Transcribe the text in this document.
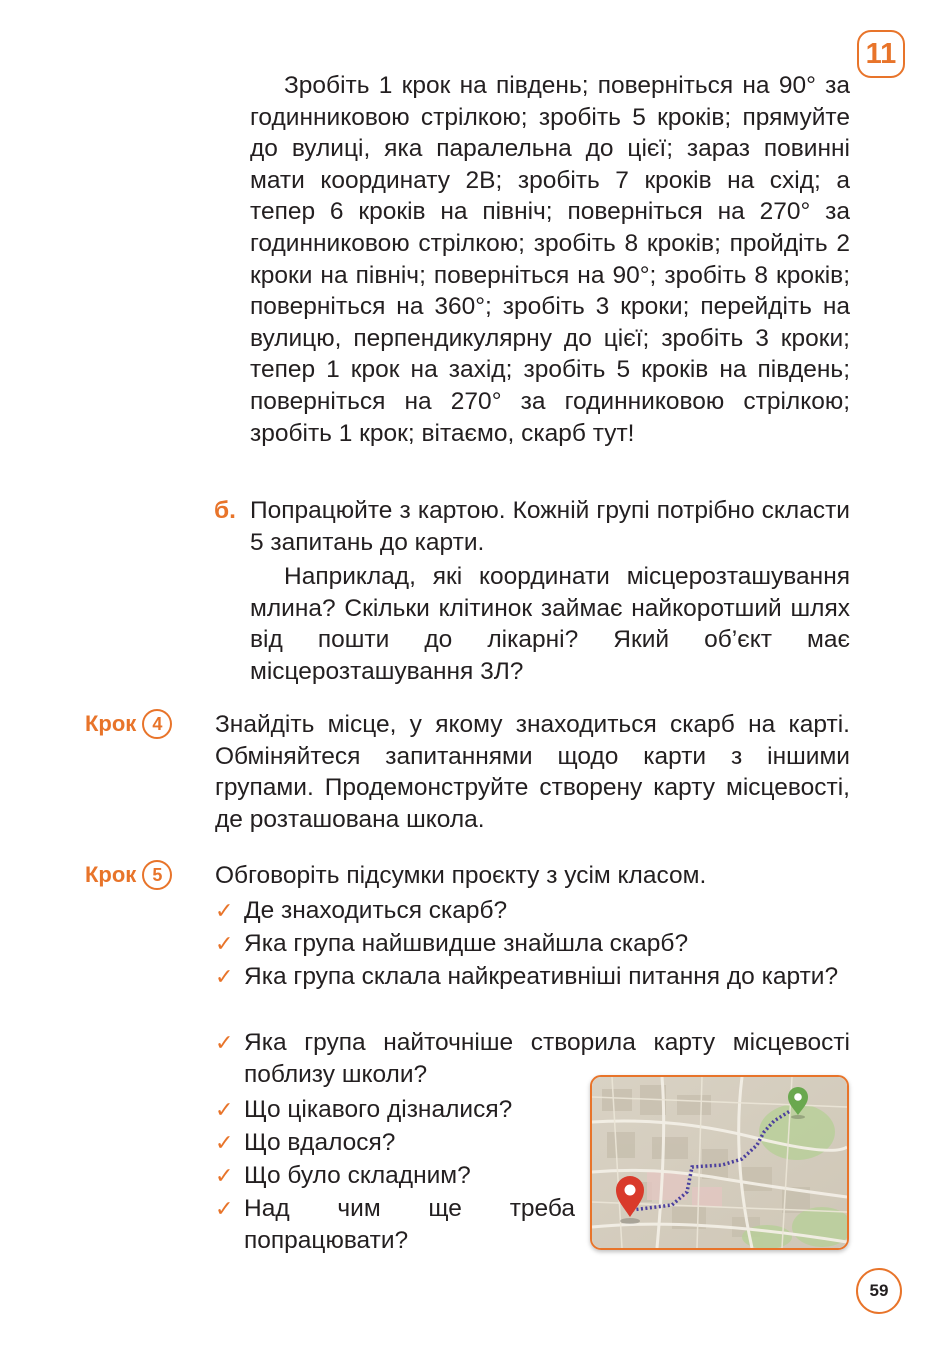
11

Зробіть 1 крок на південь; поверніться на 90° за годинниковою стрілкою; зробіть 5 кроків; прямуйте до вулиці, яка паралельна до цієї; зараз повинні мати координату 2В; зробіть 7 кроків на схід; а тепер 6 кроків на північ; поверніться на 270° за годинниковою стрілкою; зробіть 8 кроків; пройдіть 2 кроки на північ; поверніться на 90°; зробіть 8 кроків; поверніться на 360°; зробіть 3 кроки; перейдіть на вулицю, перпендикулярну до цієї; зробіть 3 кроки; тепер 1 крок на захід; зробіть 5 кроків на південь; поверніться на 270° за годинниковою стрілкою; зробіть 1 крок; вітаємо, скарб тут!

б. Попрацюйте з картою. Кожній групі потрібно скласти 5 запитань до карти.

Наприклад, які координати місцерозташування млина? Скільки клітинок займає найкоротший шлях від пошти до лікарні? Який об’єкт має місцерозташування 3Л?

Крок 4	Знайдіть місце, у якому знаходиться скарб на карті. Обміняйтеся запитаннями щодо карти з іншими групами. Продемонструйте створену карту місцевості, де розташована школа.

Крок 5	Обговоріть підсумки проєкту з усім класом.

✓ Де знаходиться скарб?
✓ Яка група найшвидше знайшла скарб?
✓ Яка група склала найкреативніші питання до карти?
✓ Яка група найточніше створила карту місцевості поблизу школи?
✓ Що цікавого дізналися?
✓ Що вдалося?
✓ Що було складним?
✓ Над чим ще треба попрацювати?
59
